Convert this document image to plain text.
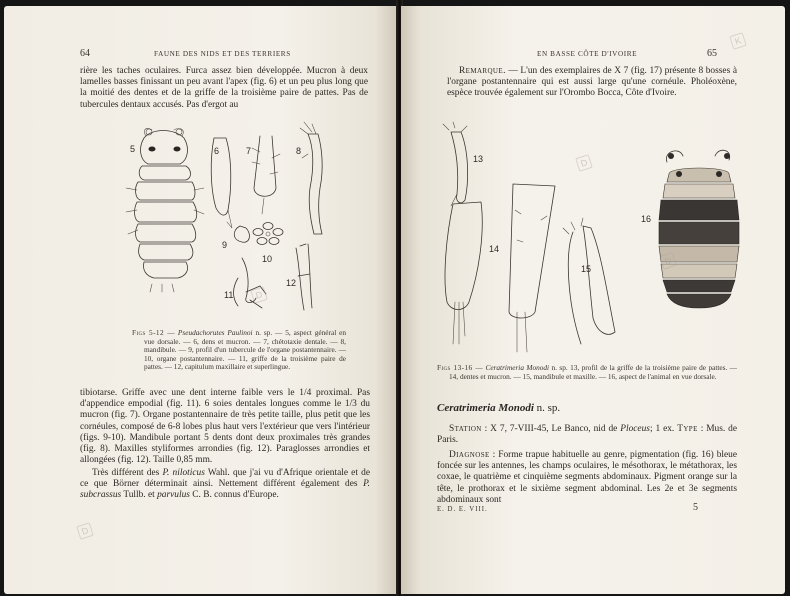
64	FAUNE DES NIDS ET DES TERRIERS
rière les taches oculaires. Furca assez bien développée. Mucron à deux lamelles basses finissant un peu avant l'apex (fig. 6) et un peu plus long que la moitié des dentes et de la griffe de la troisième paire de pattes. Pas de tubercules dentaux accusés. Pas d'ergot au
5	6	7	8
9
10
11
12
Figs 5-12 — Pseudachorutes Paulinoi n. sp. — 5, aspect général en vue dorsale. — 6, dens et mucron. — 7, chétotaxie dentale. — 8, mandibule. — 9, profil d'un tubercule de l'organe postantennaire. — 10, organe postantennaire. — 11, griffe de la troisième paire de pattes. — 12, capitulum maxillaire et superlingue.
tibiotarse. Griffe avec une dent interne faible vers le 1/4 proximal. Pas d'appendice empodial (fig. 11). 6 soies dentales longues comme le 1/3 du mucron (fig. 7). Organe postantennaire de très petite taille, plus petit que les cornéules, composé de 6-8 lobes plus haut vers l'extérieur que vers l'intérieur (figs. 9-10). Mandibule portant 5 dents dont deux proximales très grandes (fig. 8). Maxilles styliformes arrondies (fig. 12). Paraglosses arrondies et allongées (fig. 12). Taille 0,85 mm.

Très différent des P. niloticus Wahl. que j'ai vu d'Afrique orientale et de ce que Börner déterminait ainsi. Nettement différent également des P. subcrassus Tullb. et parvulus C. B. connus d'Europe.

D
D
EN BASSE CÔTE D'IVOIRE	65

Remarque. — L'un des exemplaires de X 7 (fig. 17) présente 8 bosses à l'organe postantennaire qui est aussi large qu'une cornéule. Pholéoxène, espèce trouvée également sur l'Orombo Bocca, Côte d'Ivoire.

13
14
15
16
Figs 13-16 — Ceratrimeria Monodi n. sp. 13, profil de la griffe de la troisième paire de pattes. — 14, dentes et mucron. — 15, mandibule et maxille. — 16, aspect de l'animal en vue dorsale.
Ceratrimeria Monodi n. sp.

Station : X 7, 7-VIII-45, Le Banco, nid de Ploceus; 1 ex. Type : Mus. de Paris.

Diagnose : Forme trapue habituelle au genre, pigmentation (fig. 16) bleue foncée sur les antennes, les champs oculaires, le mésothorax, le métathorax, les coxae, le quatrième et cinquième segments abdominaux. Pigment orange sur la tête, le prothorax et le sixième segment abdominal. Les 2e et 3e segments abdominaux sont

E. D. E. VIII.	5
D
K
D
